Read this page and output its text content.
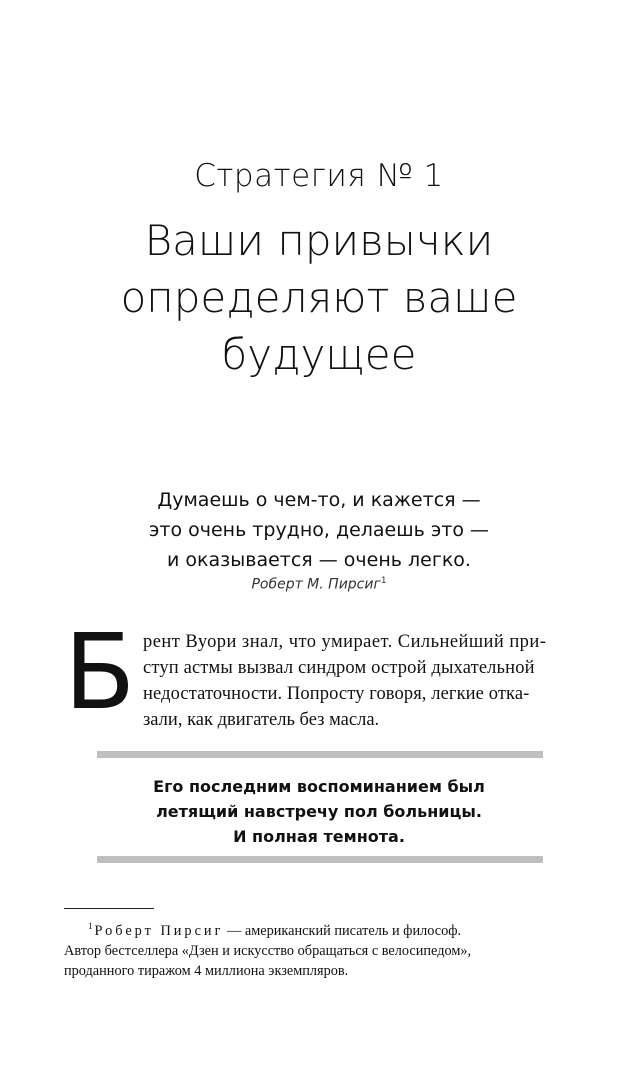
Стратегия № 1
Ваши привычки
определяют ваше
будущее
Думаешь о чем-то, и кажется —
это очень трудно, делаешь это —
и оказывается — очень легко.
Роберт М. Пирсиг$^1$
Б рент Вуори знал, что умирает. Сильнейший при-
ступ астмы вызвал синдром острой дыхательной
недостаточности. Попросту говоря, легкие отка-
зали, как двигатель без масла.
Его последним воспоминанием был
летящий навстречу пол больницы.
И полная темнота.
$^1$ Роберт Пирсиг — американский писатель и философ.
Автор бестселлера «Дзен и искусство обращаться с велосипедом»,
проданного тиражом 4 миллиона экземпляров.
